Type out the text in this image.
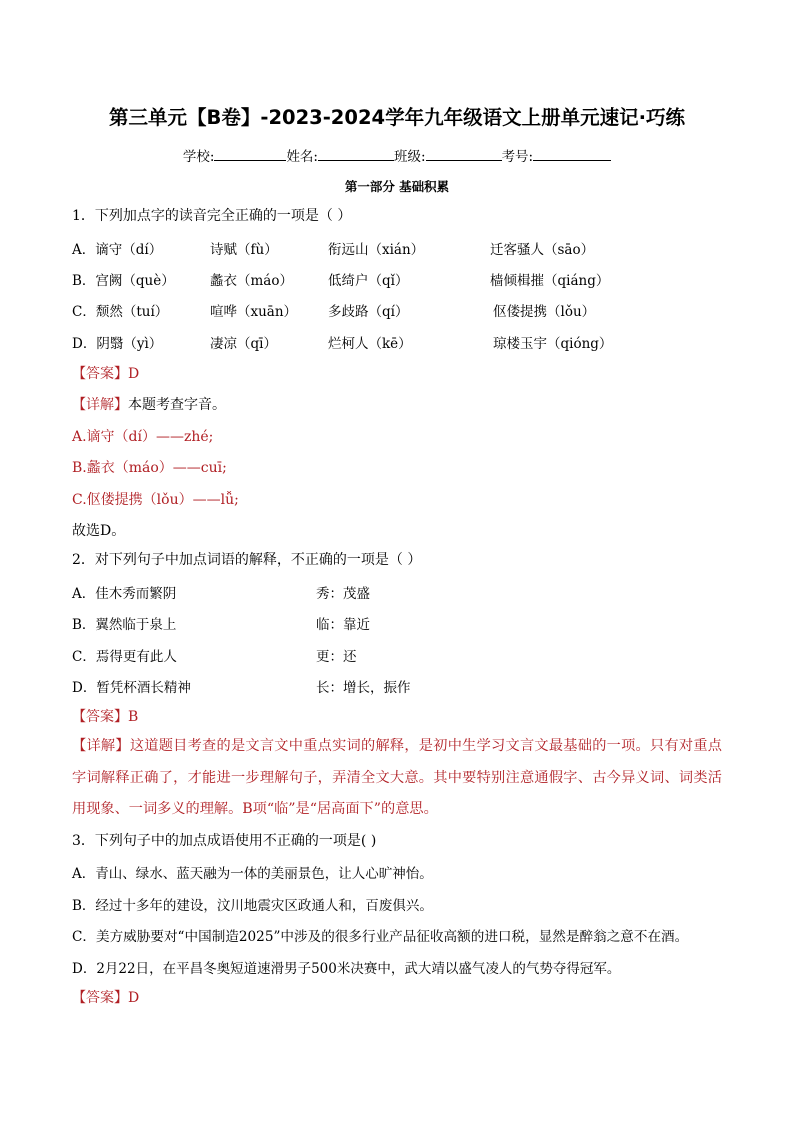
第三单元【B卷】-2023-2024学年九年级语文上册单元速记·巧练
学校:	姓名:	班级:	考号:
第一部分 基础积累
1．下列加点字的读音完全正确的一项是（ ）
A．谪守（dí）	诗赋（fù）	衔远山（xián）	迁客骚人（sāo）
B．宫阙（què）	蠡衣（máo）	低绮户（qǐ）	樯倾楫摧（qiáng）
C．颓然（tuí）	喧哗（xuān） 多歧路（qí）	伛偻提携（lǒu）
D．阴翳（yì）	凄凉（qī）	烂柯人（kē）	琼楼玉宇（qióng）
【答案】D
【详解】本题考查字音。
A.谪守（dí）——zhé;
B.蠡衣（máo）——cuī;
C.伛偻提携（lǒu）——lǚ;
故选D。
2．对下列句子中加点词语的解释，不正确的一项是（ ）
A．佳木秀而繁阴	秀：茂盛
B．翼然临于泉上	临：靠近
C．焉得更有此人	更：还
D．暂凭杯酒长精神	长：增长，振作
【答案】B
【详解】这道题目考查的是文言文中重点实词的解释，是初中生学习文言文最基础的一项。只有对重点字词解释正确了，才能进一步理解句子，弄清全文大意。其中要特别注意通假字、古今异义词、词类活用现象、一词多义的理解。B项“临”是“居高面下”的意思。
3．下列句子中的加点成语使用不正确的一项是( )
A．青山、绿水、蓝天融为一体的美丽景色，让人心旷神怡。
B．经过十多年的建设，汶川地震灾区政通人和，百废俱兴。
C．美方威胁要对“中国制造2025”中涉及的很多行业产品征收高额的进口税，显然是醉翁之意不在酒。
D．2月22日，在平昌冬奥短道速滑男子500米决赛中，武大靖以盛气凌人的气势夺得冠军。
【答案】D
